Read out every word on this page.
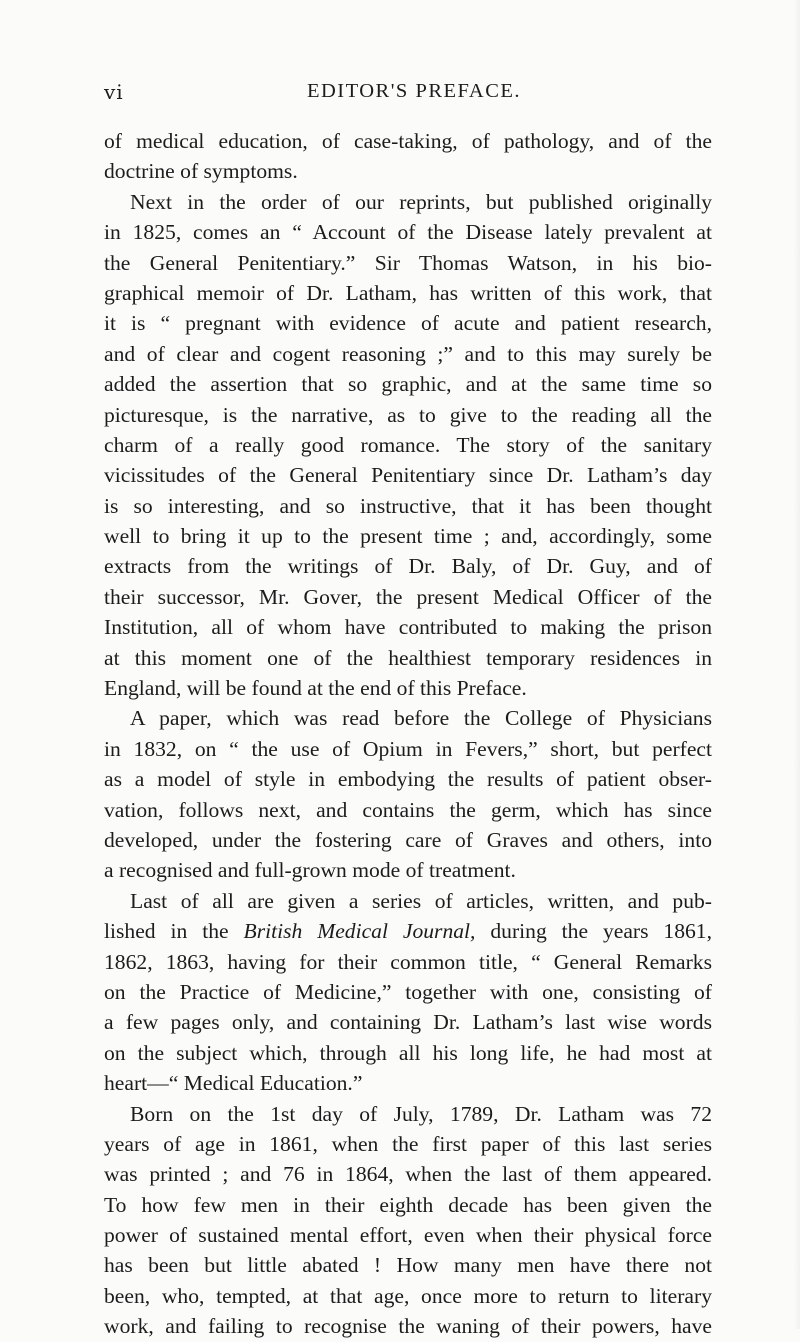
vi	EDITOR'S PREFACE.
of medical education, of case-taking, of pathology, and of the
doctrine of symptoms.
Next in the order of our reprints, but published originally
in 1825, comes an “ Account of the Disease lately prevalent at
the General Penitentiary.” Sir Thomas Watson, in his bio-
graphical memoir of Dr. Latham, has written of this work, that
it is “ pregnant with evidence of acute and patient research,
and of clear and cogent reasoning ;” and to this may surely be
added the assertion that so graphic, and at the same time so
picturesque, is the narrative, as to give to the reading all the
charm of a really good romance. The story of the sanitary
vicissitudes of the General Penitentiary since Dr. Latham’s day
is so interesting, and so instructive, that it has been thought
well to bring it up to the present time ; and, accordingly, some
extracts from the writings of Dr. Baly, of Dr. Guy, and of
their successor, Mr. Gover, the present Medical Officer of the
Institution, all of whom have contributed to making the prison
at this moment one of the healthiest temporary residences in
England, will be found at the end of this Preface.
A paper, which was read before the College of Physicians
in 1832, on “ the use of Opium in Fevers,” short, but perfect
as a model of style in embodying the results of patient obser-
vation, follows next, and contains the germ, which has since
developed, under the fostering care of Graves and others, into
a recognised and full-grown mode of treatment.
Last of all are given a series of articles, written, and pub-
lished in the British Medical Journal, during the years 1861,
1862, 1863, having for their common title, “ General Remarks
on the Practice of Medicine,” together with one, consisting of
a few pages only, and containing Dr. Latham’s last wise words
on the subject which, through all his long life, he had most at
heart—“ Medical Education.”
Born on the 1st day of July, 1789, Dr. Latham was 72
years of age in 1861, when the first paper of this last series
was printed ; and 76 in 1864, when the last of them appeared.
To how few men in their eighth decade has been given the
power of sustained mental effort, even when their physical force
has been but little abated ! How many men have there not
been, who, tempted, at that age, once more to return to literary
work, and failing to recognise the waning of their powers, have
